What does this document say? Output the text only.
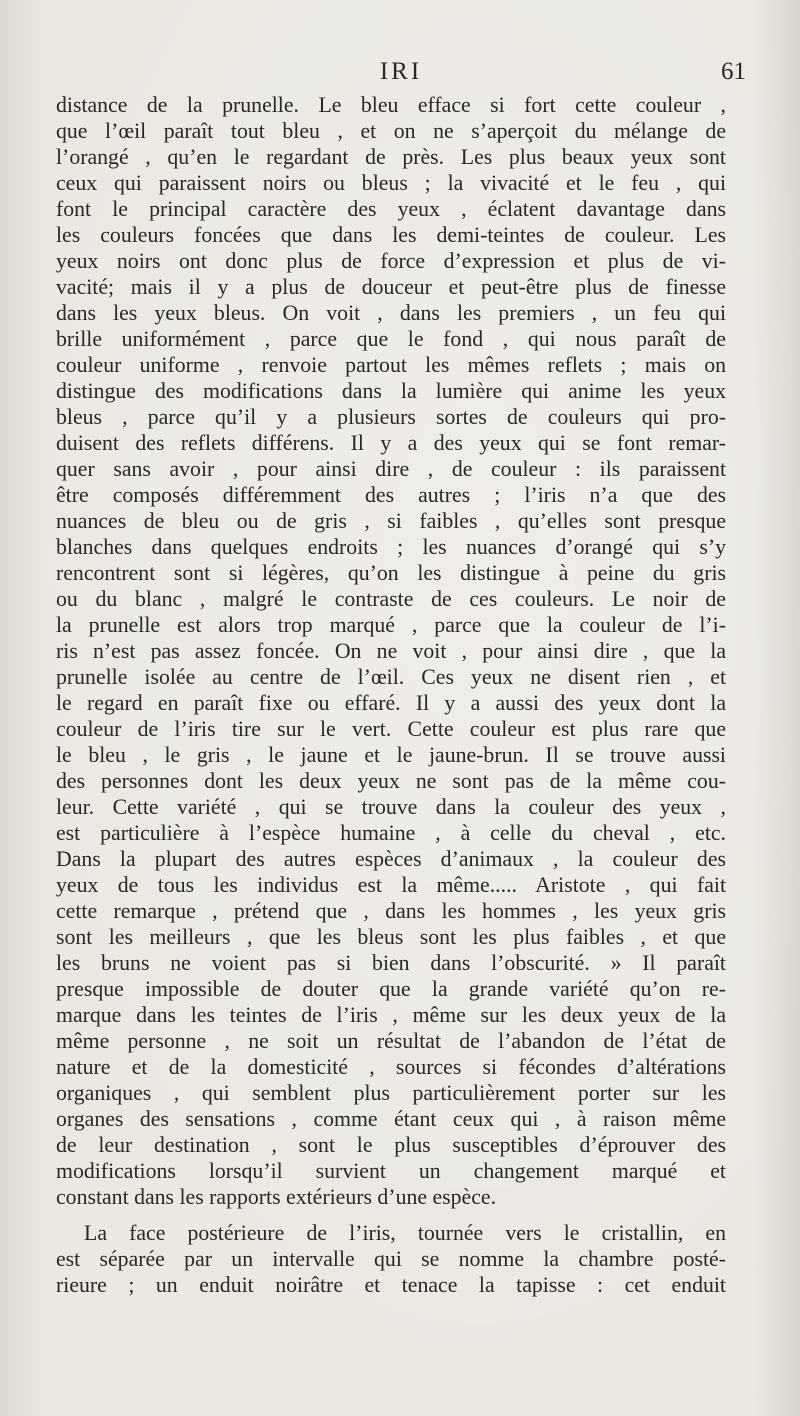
IRI	61
distance de la prunelle. Le bleu efface si fort cette couleur ,
que l’œil paraît tout bleu , et on ne s’aperçoit du mélange de
l’orangé , qu’en le regardant de près. Les plus beaux yeux sont
ceux qui paraissent noirs ou bleus ; la vivacité et le feu , qui
font le principal caractère des yeux , éclatent davantage dans
les couleurs foncées que dans les demi-teintes de couleur. Les
yeux noirs ont donc plus de force d’expression et plus de vi-
vacité; mais il y a plus de douceur et peut-être plus de finesse
dans les yeux bleus. On voit , dans les premiers , un feu qui
brille uniformément , parce que le fond , qui nous paraît de
couleur uniforme , renvoie partout les mêmes reflets ; mais on
distingue des modifications dans la lumière qui anime les yeux
bleus , parce qu’il y a plusieurs sortes de couleurs qui pro-
duisent des reflets différens. Il y a des yeux qui se font remar-
quer sans avoir , pour ainsi dire , de couleur : ils paraissent
être composés différemment des autres ; l’iris n’a que des
nuances de bleu ou de gris , si faibles , qu’elles sont presque
blanches dans quelques endroits ; les nuances d’orangé qui s’y
rencontrent sont si légères, qu’on les distingue à peine du gris
ou du blanc , malgré le contraste de ces couleurs. Le noir de
la prunelle est alors trop marqué , parce que la couleur de l’i-
ris n’est pas assez foncée. On ne voit , pour ainsi dire , que la
prunelle isolée au centre de l’œil. Ces yeux ne disent rien , et
le regard en paraît fixe ou effaré. Il y a aussi des yeux dont la
couleur de l’iris tire sur le vert. Cette couleur est plus rare que
le bleu , le gris , le jaune et le jaune-brun. Il se trouve aussi
des personnes dont les deux yeux ne sont pas de la même cou-
leur. Cette variété , qui se trouve dans la couleur des yeux ,
est particulière à l’espèce humaine , à celle du cheval , etc.
Dans la plupart des autres espèces d’animaux , la couleur des
yeux de tous les individus est la même..... Aristote , qui fait
cette remarque , prétend que , dans les hommes , les yeux gris
sont les meilleurs , que les bleus sont les plus faibles , et que
les bruns ne voient pas si bien dans l’obscurité. » Il paraît
presque impossible de douter que la grande variété qu’on re-
marque dans les teintes de l’iris , même sur les deux yeux de la
même personne , ne soit un résultat de l’abandon de l’état de
nature et de la domesticité , sources si fécondes d’altérations
organiques , qui semblent plus particulièrement porter sur les
organes des sensations , comme étant ceux qui , à raison même
de leur destination , sont le plus susceptibles d’éprouver des
modifications lorsqu’il survient un changement marqué et
constant dans les rapports extérieurs d’une espèce.
La face postérieure de l’iris, tournée vers le cristallin, en
est séparée par un intervalle qui se nomme la chambre posté-
rieure ; un enduit noirâtre et tenace la tapisse : cet enduit
